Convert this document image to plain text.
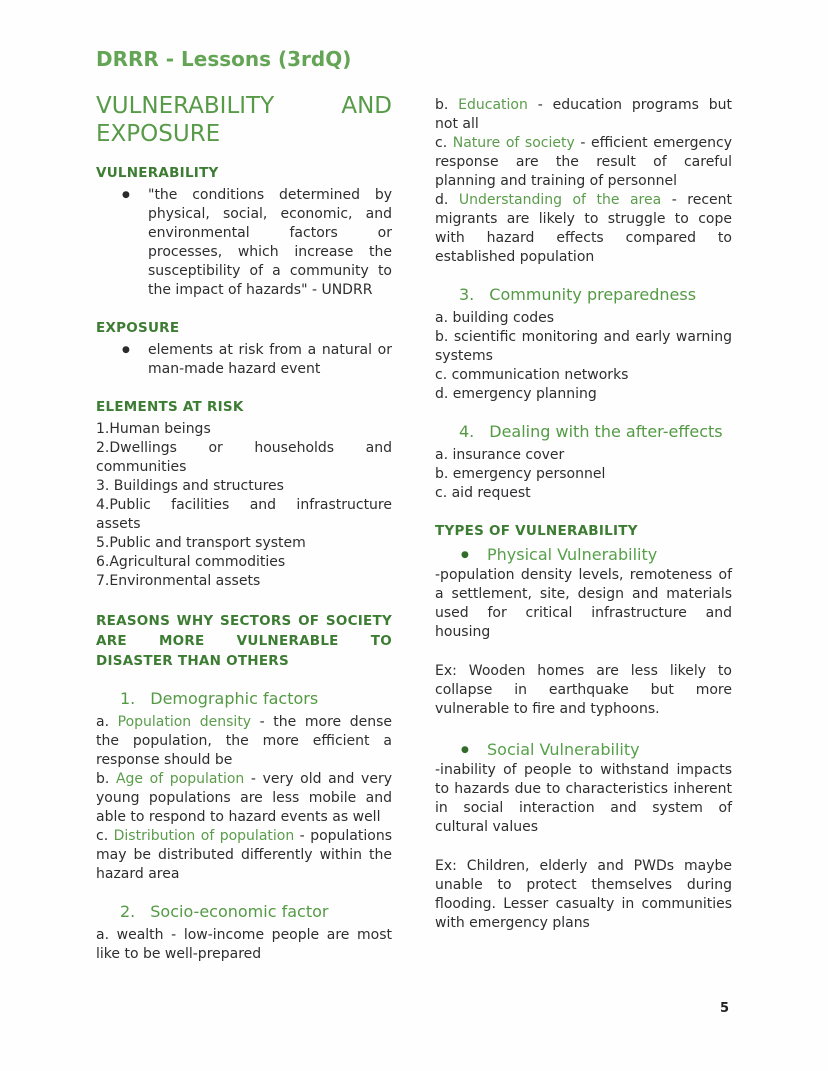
DRRR - Lessons (3rdQ)
VULNERABILITY AND EXPOSURE
VULNERABILITY
●	"the conditions determined by physical, social, economic, and environmental factors or processes, which increase the susceptibility of a community to the impact of hazards" - UNDRR

EXPOSURE
●	elements at risk from a natural or man-made hazard event

ELEMENTS AT RISK

1.Human beings

2.Dwellings or households and communities

3. Buildings and structures

4.Public facilities and infrastructure assets

5.Public and transport system

6.Agricultural commodities

7.Environmental assets

REASONS WHY SECTORS OF SOCIETY ARE MORE VULNERABLE TO DISASTER THAN OTHERS

1. Demographic factors

a. Population density - the more dense the population, the more efficient a response should be

b. Age of population - very old and very young populations are less mobile and able to respond to hazard events as well

c. Distribution of population - populations may be distributed differently within the hazard area

2. Socio-economic factor

a. wealth - low-income people are most like to be well-prepared

b. Education - education programs but not all

c. Nature of society - efficient emergency response are the result of careful planning and training of personnel

d. Understanding of the area - recent migrants are likely to struggle to cope with hazard effects compared to established population

3. Community preparedness

a. building codes

b. scientific monitoring and early warning systems

c. communication networks

d. emergency planning

4. Dealing with the after-effects

a. insurance cover

b. emergency personnel

c. aid request

TYPES OF VULNERABILITY
●	Physical Vulnerability

-population density levels, remoteness of a settlement, site, design and materials used for critical infrastructure and housing

Ex: Wooden homes are less likely to collapse in earthquake but more vulnerable to fire and typhoons.

●	Social Vulnerability

-inability of people to withstand impacts to hazards due to characteristics inherent in social interaction and system of cultural values

Ex: Children, elderly and PWDs maybe unable to protect themselves during flooding. Lesser casualty in communities with emergency plans

5
